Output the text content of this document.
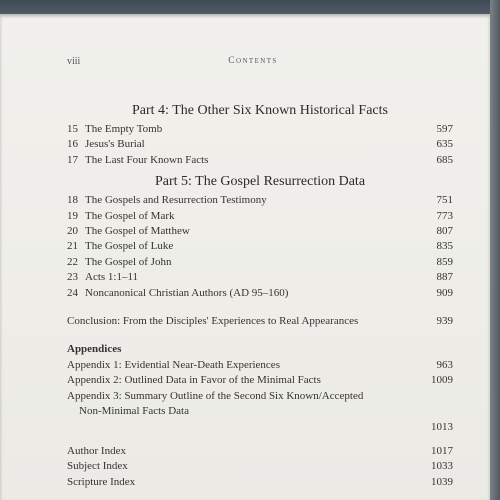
viii	Contents
Part 4: The Other Six Known Historical Facts
15 The Empty Tomb	597
16 Jesus's Burial	635
17 The Last Four Known Facts	685
Part 5: The Gospel Resurrection Data
18 The Gospels and Resurrection Testimony	751
19 The Gospel of Mark	773
20 The Gospel of Matthew	807
21 The Gospel of Luke	835
22 The Gospel of John	859
23 Acts 1:1–11	887
24 Noncanonical Christian Authors (AD 95–160)	909
Conclusion: From the Disciples' Experiences to Real Appearances	939
Appendices
Appendix 1: Evidential Near-Death Experiences	963
Appendix 2: Outlined Data in Favor of the Minimal Facts	1009
Appendix 3: Summary Outline of the Second Six Known/Accepted
Non-Minimal Facts Data
1013
Author Index	1017
Subject Index	1033
Scripture Index	1039
